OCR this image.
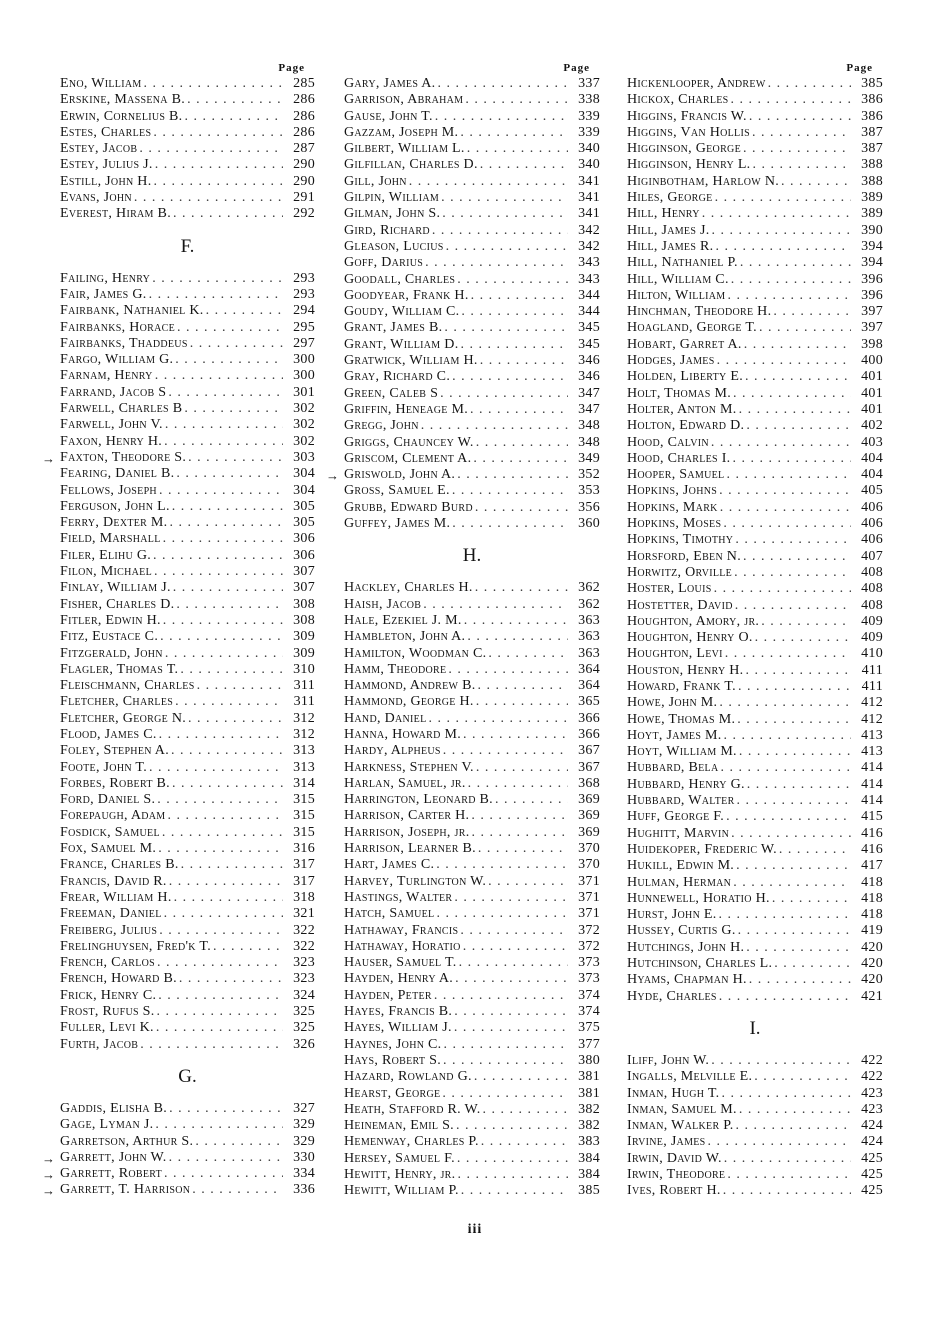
Page
Eno, William . . .	285
Erskine, Massena B. . . .	286
Erwin, Cornelius B. . . .	286
Estes, Charles . . .	286
Estey, Jacob . . .	287
Estey, Julius J. . . .	290
Estill, John H. . . .	290
Evans, John . . .	291
Everest, Hiram B. . . .	292
F.
Failing, Henry . . .	293
Fair, James G. . . .	293
Fairbank, Nathaniel K. . . .	294
Fairbanks, Horace . . .	295
Fairbanks, Thaddeus . . .	297
Fargo, William G. . . .	300
Farnam, Henry . . .	300
Farrand, Jacob S . . .	301
Farwell, Charles B . . .	302
Farwell, John V. . . .	302
Faxon, Henry H. . . .	302
→ Faxton, Theodore S. . . .	303
Fearing, Daniel B. . . .	304
Fellows, Joseph . . .	304
Ferguson, John L. . . .	305
Ferry, Dexter M. . . .	305
Field, Marshall . . .	306
Filer, Elihu G. . . .	306
Filon, Michael . . .	307
Finlay, William J. . . .	307
Fisher, Charles D. . . .	308
Fitler, Edwin H. . . .	308
Fitz, Eustace C. . . .	309
Fitzgerald, John . . .	309
Flagler, Thomas T. . . .	310
Fleischmann, Charles . . .	311
Fletcher, Charles . . .	311
Fletcher, George N. . . .	312
Flood, James C. . . .	312
Foley, Stephen A. . . .	313
Foote, John T. . . .	313
Forbes, Robert B. . . .	314
Ford, Daniel S. . . .	315
Forepaugh, Adam . . .	315
Fosdick, Samuel . . .	315
Fox, Samuel M. . . .	316
France, Charles B. . . .	317
Francis, David R. . . .	317
Frear, William H. . . .	318
Freeman, Daniel . . .	321
Freiberg, Julius . . .	322
Frelinghuysen, Fred'k T. . . .	322
French, Carlos . . .	323
French, Howard B. . . .	323
Frick, Henry C. . . .	324
Frost, Rufus S. . . .	325
Fuller, Levi K. . . .	325
Furth, Jacob . . .	326
G.
Gaddis, Elisha B. . . .	327
Gage, Lyman J. . . .	329
Garretson, Arthur S. . . .	329
→ Garrett, John W. . . .	330
→ Garrett, Robert . . .	334
→ Garrett, T. Harrison . . .	336
Page
Gary, James A. . . .	337
Garrison, Abraham . . .	338
Gause, John T. . . .	339
Gazzam, Joseph M. . . .	339
Gilbert, William L. . . .	340
Gilfillan, Charles D. . . .	340
Gill, John . . .	341
Gilpin, William . . .	341
Gilman, John S. . . .	341
Gird, Richard . . .	342
Gleason, Lucius . . .	342
Goff, Darius . . .	343
Goodall, Charles . . .	343
Goodyear, Frank H. . . .	344
Goudy, William C. . . .	344
Grant, James B. . . .	345
Grant, William D. . . .	345
Gratwick, William H. . . .	346
Gray, Richard C. . . .	346
Green, Caleb S . . .	347
Griffin, Heneage M. . . .	347
Gregg, John . . .	348
Griggs, Chauncey W. . . .	348
Griscom, Clement A. . . .	349
→ Griswold, John A. . . .	352
Gross, Samuel E. . . .	353
Grubb, Edward Burd . . .	356
Guffey, James M. . . .	360
H.
Hackley, Charles H. . . .	362
Haish, Jacob . . .	362
Hale, Ezekiel J. M. . . .	363
Hambleton, John A. . . .	363
Hamilton, Woodman C. . . .	363
Hamm, Theodore . . .	364
Hammond, Andrew B. . . .	364
Hammond, George H. . . .	365
Hand, Daniel . . .	366
Hanna, Howard M. . . .	366
Hardy, Alpheus . . .	367
Harkness, Stephen V. . . .	367
Harlan, Samuel, jr. . . .	368
Harrington, Leonard B. . . .	369
Harrison, Carter H. . . .	369
Harrison, Joseph, jr. . . .	369
Harrison, Learner B. . . .	370
Hart, James C. . . .	370
Harvey, Turlington W. . . .	371
Hastings, Walter . . .	371
Hatch, Samuel . . .	371
Hathaway, Francis . . .	372
Hathaway, Horatio . . .	372
Hauser, Samuel T. . . .	373
Hayden, Henry A. . . .	373
Hayden, Peter . . .	374
Hayes, Francis B. . . .	374
Hayes, William J. . . .	375
Haynes, John C. . . .	377
Hays, Robert S. . . .	380
Hazard, Rowland G. . . .	381
Hearst, George . . .	381
Heath, Stafford R. W. . . .	382
Heineman, Emil S. . . .	382
Hemenway, Charles P. . . .	383
Hersey, Samuel F. . . .	384
Hewitt, Henry, jr. . . .	384
Hewitt, William P. . . .	385
Page
Hickenlooper, Andrew . . .	385
Hickox, Charles . . .	386
Higgins, Francis W. . . .	386
Higgins, Van Hollis . . .	387
Higginson, George . . .	387
Higginson, Henry L. . . .	388
Higinbotham, Harlow N. . . .	388
Hiles, George . . .	389
Hill, Henry . . .	389
Hill, James J. . . .	390
Hill, James R. . . .	394
Hill, Nathaniel P. . . .	394
Hill, William C. . . .	396
Hilton, William . . .	396
Hinchman, Theodore H. . . .	397
Hoagland, George T. . . .	397
Hobart, Garret A. . . .	398
Hodges, James . . .	400
Holden, Liberty E. . . .	401
Holt, Thomas M. . . .	401
Holter, Anton M. . . .	401
Holton, Edward D. . . .	402
Hood, Calvin . . .	403
Hood, Charles I. . . .	404
Hooper, Samuel . . .	404
Hopkins, Johns . . .	405
Hopkins, Mark . . .	406
Hopkins, Moses . . .	406
Hopkins, Timothy . . .	406
Horsford, Eben N. . . .	407
Horwitz, Orville . . .	408
Hoster, Louis . . .	408
Hostetter, David . . .	408
Houghton, Amory, jr. . . .	409
Houghton, Henry O. . . .	409
Houghton, Levi . . .	410
Houston, Henry H. . . .	411
Howard, Frank T. . . .	411
Howe, John M. . . .	412
Howe, Thomas M. . . .	412
Hoyt, James M. . . .	413
Hoyt, William M. . . .	413
Hubbard, Bela . . .	414
Hubbard, Henry G. . . .	414
Hubbard, Walter . . .	414
Huff, George F. . . .	415
Hughitt, Marvin . . .	416
Huidekoper, Frederic W. . . .	416
Hukill, Edwin M. . . .	417
Hulman, Herman . . .	418
Hunnewell, Horatio H. . . .	418
Hurst, John E. . . .	418
Hussey, Curtis G. . . .	419
Hutchings, John H. . . .	420
Hutchinson, Charles L. . . .	420
Hyams, Chapman H. . . .	420
Hyde, Charles . . .	421
I.
Iliff, John W. . . .	422
Ingalls, Melville E. . . .	422
Inman, Hugh T. . . .	423
Inman, Samuel M. . . .	423
Inman, Walker P. . . .	424
Irvine, James . . .	424
Irwin, David W. . . .	425
Irwin, Theodore . . .	425
Ives, Robert H. . . .	425
iii
